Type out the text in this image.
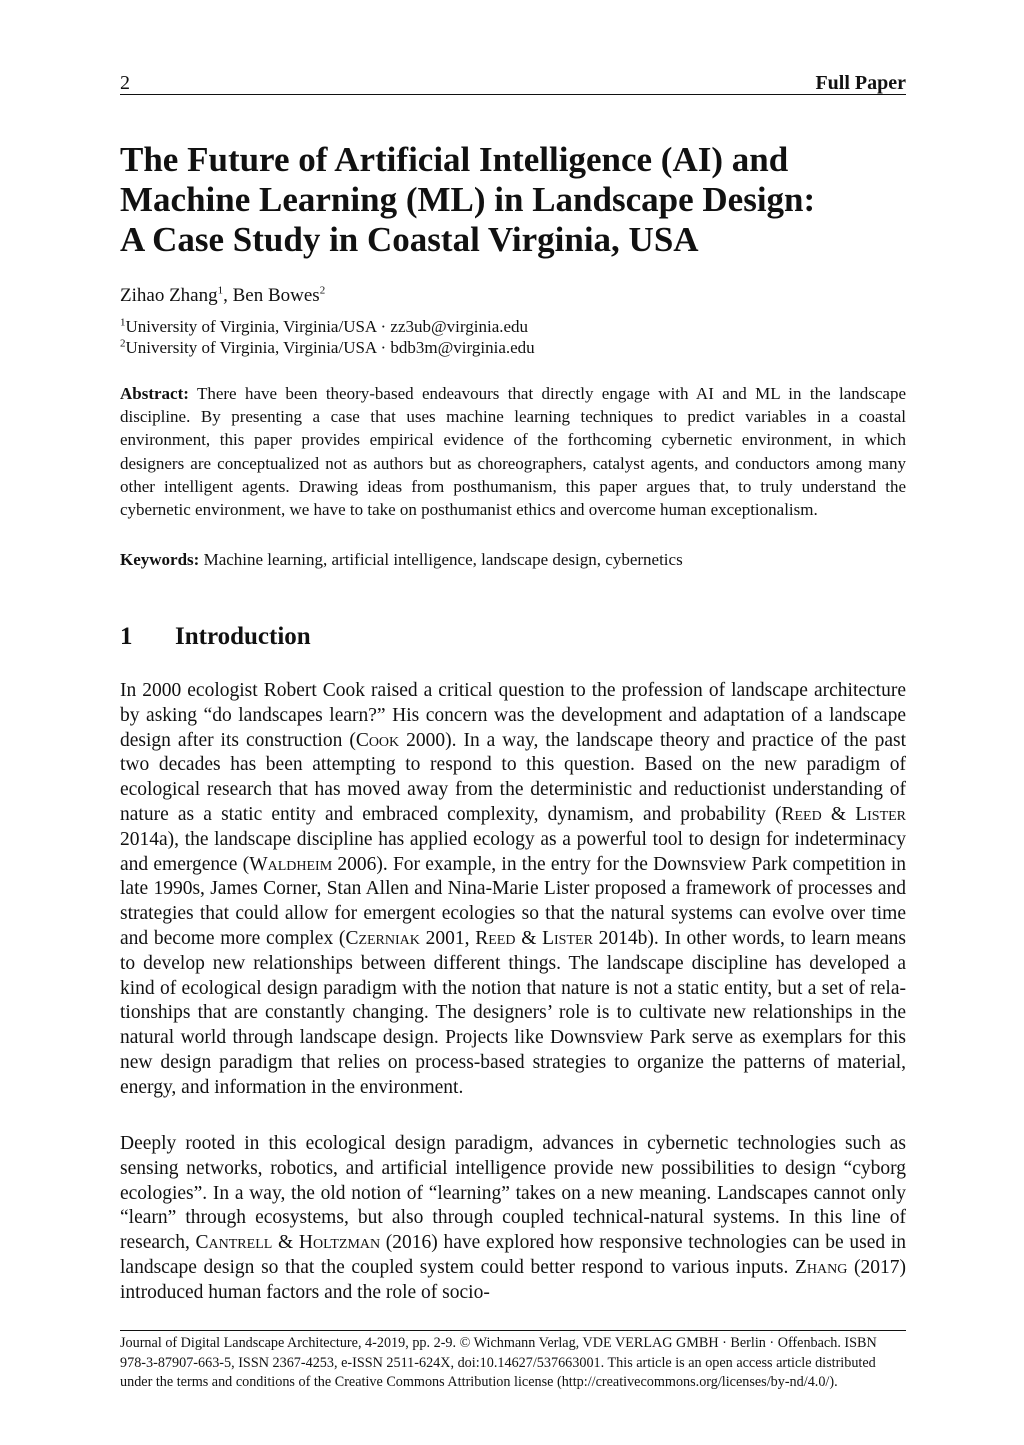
2	Full Paper
The Future of Artificial Intelligence (AI) and
Machine Learning (ML) in Landscape Design:
A Case Study in Coastal Virginia, USA
Zihao Zhang$^1$, Ben Bowes$^2$
$^1$University of Virginia, Virginia/USA · zz3ub@virginia.edu
$^2$University of Virginia, Virginia/USA · bdb3m@virginia.edu
Abstract: There have been theory-based endeavours that directly engage with AI and ML in the landscape discipline. By presenting a case that uses machine learning techniques to predict variables in a coastal environment, this paper provides empirical evidence of the forthcoming cybernetic environment, in which designers are conceptualized not as authors but as choreographers, catalyst agents, and conductors among many other intelligent agents. Drawing ideas from posthumanism, this paper argues that, to truly understand the cybernetic environment, we have to take on posthumanist ethics and overcome human exceptionalism.
Keywords: Machine learning, artificial intelligence, landscape design, cybernetics
1 Introduction

In 2000 ecologist Robert Cook raised a critical question to the profession of landscape architecture by asking “do landscapes learn?” His concern was the development and adaptation of a landscape design after its construction (Cook 2000). In a way, the landscape theory and practice of the past two decades has been attempting to respond to this question. Based on the new paradigm of ecological research that has moved away from the deterministic and reductionist understanding of nature as a static entity and embraced complexity, dynamism, and probability (Reed & Lister 2014a), the landscape discipline has applied ecology as a powerful tool to design for indeterminacy and emergence (Waldheim 2006). For example, in the entry for the Downsview Park competition in late 1990s, James Corner, Stan Allen and Nina-Marie Lister proposed a framework of processes and strategies that could allow for emergent ecologies so that the natural systems can evolve over time and become more complex (Czerniak 2001, Reed & Lister 2014b). In other words, to learn means to develop new relationships between different things. The landscape discipline has developed a kind of ecological design paradigm with the notion that nature is not a static entity, but a set of relationships that are constantly changing. The designers’ role is to cultivate new relationships in the natural world through landscape design. Projects like Downsview Park serve as exemplars for this new design paradigm that relies on process-based strategies to organize the patterns of material, energy, and information in the environment.

Deeply rooted in this ecological design paradigm, advances in cybernetic technologies such as sensing networks, robotics, and artificial intelligence provide new possibilities to design “cyborg ecologies”. In a way, the old notion of “learning” takes on a new meaning. Landscapes cannot only “learn” through ecosystems, but also through coupled technical-natural systems. In this line of research, Cantrell & Holtzman (2016) have explored how responsive technologies can be used in landscape design so that the coupled system could better respond to various inputs. Zhang (2017) introduced human factors and the role of socio-

Journal of Digital Landscape Architecture, 4-2019, pp. 2-9. © Wichmann Verlag, VDE VERLAG GMBH · Berlin · Offenbach. ISBN 978-3-87907-663-5, ISSN 2367-4253, e-ISSN 2511-624X, doi:10.14627/537663001. This article is an open access article distributed under the terms and conditions of the Creative Commons Attribution license (http://creativecommons.org/licenses/by-nd/4.0/).
